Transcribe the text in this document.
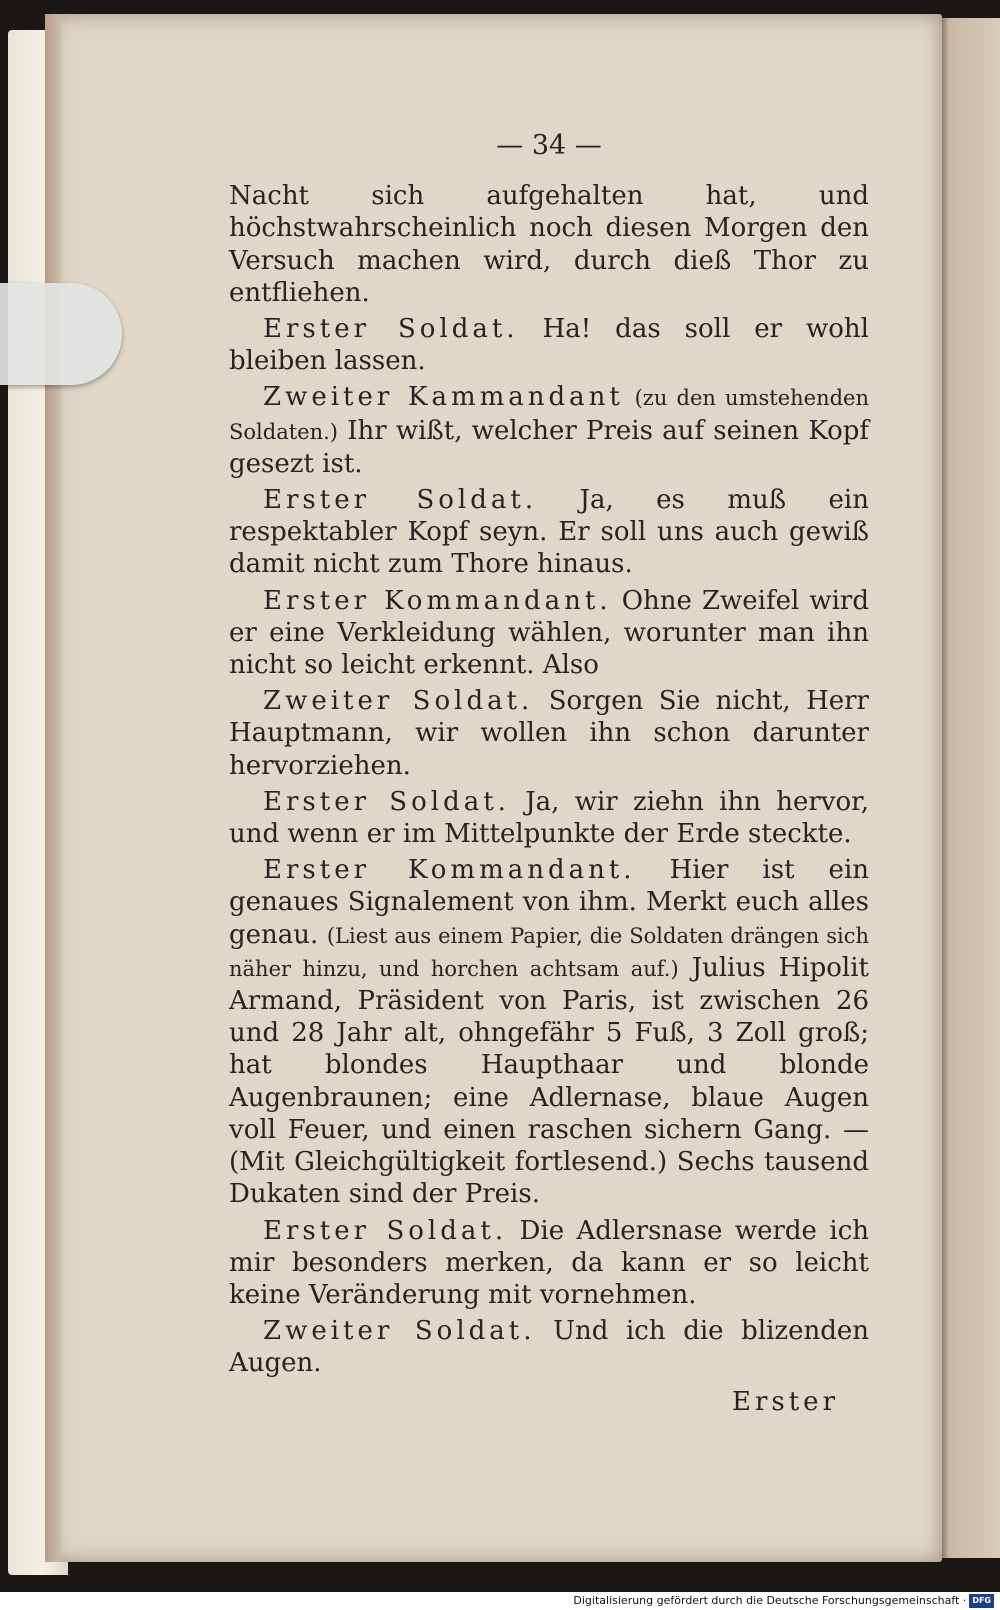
— 34 —
Nacht sich aufgehalten hat, und höchstwahrscheinlich noch diesen Morgen den Versuch machen wird, durch dieß Thor zu entfliehen.
Erster Soldat. Ha! das soll er wohl bleiben lassen.
Zweiter Kammandant (zu den umstehenden Soldaten.) Ihr wißt, welcher Preis auf seinen Kopf gesezt ist.
Erster Soldat. Ja, es muß ein respektabler Kopf seyn. Er soll uns auch gewiß damit nicht zum Thore hinaus.
Erster Kommandant. Ohne Zweifel wird er eine Verkleidung wählen, worunter man ihn nicht so leicht erkennt. Also
Zweiter Soldat. Sorgen Sie nicht, Herr Hauptmann, wir wollen ihn schon darunter hervorziehen.
Erster Soldat. Ja, wir ziehn ihn hervor, und wenn er im Mittelpunkte der Erde steckte.
Erster Kommandant. Hier ist ein genaues Signalement von ihm. Merkt euch alles genau. (Liest aus einem Papier, die Soldaten drängen sich näher hinzu, und horchen achtsam auf.) Julius Hipolit Armand, Präsident von Paris, ist zwischen 26 und 28 Jahr alt, ohngefähr 5 Fuß, 3 Zoll groß; hat blondes Haupthaar und blonde Augenbraunen; eine Adlernase, blaue Augen voll Feuer, und einen raschen sichern Gang. — (Mit Gleichgültigkeit fortlesend.) Sechs tausend Dukaten sind der Preis.
Erster Soldat. Die Adlersnase werde ich mir besonders merken, da kann er so leicht keine Veränderung mit vornehmen.
Zweiter Soldat. Und ich die blizenden Augen.
Erster
Digitalisierung gefördert durch die Deutsche Forschungsgemeinschaft · DFG
